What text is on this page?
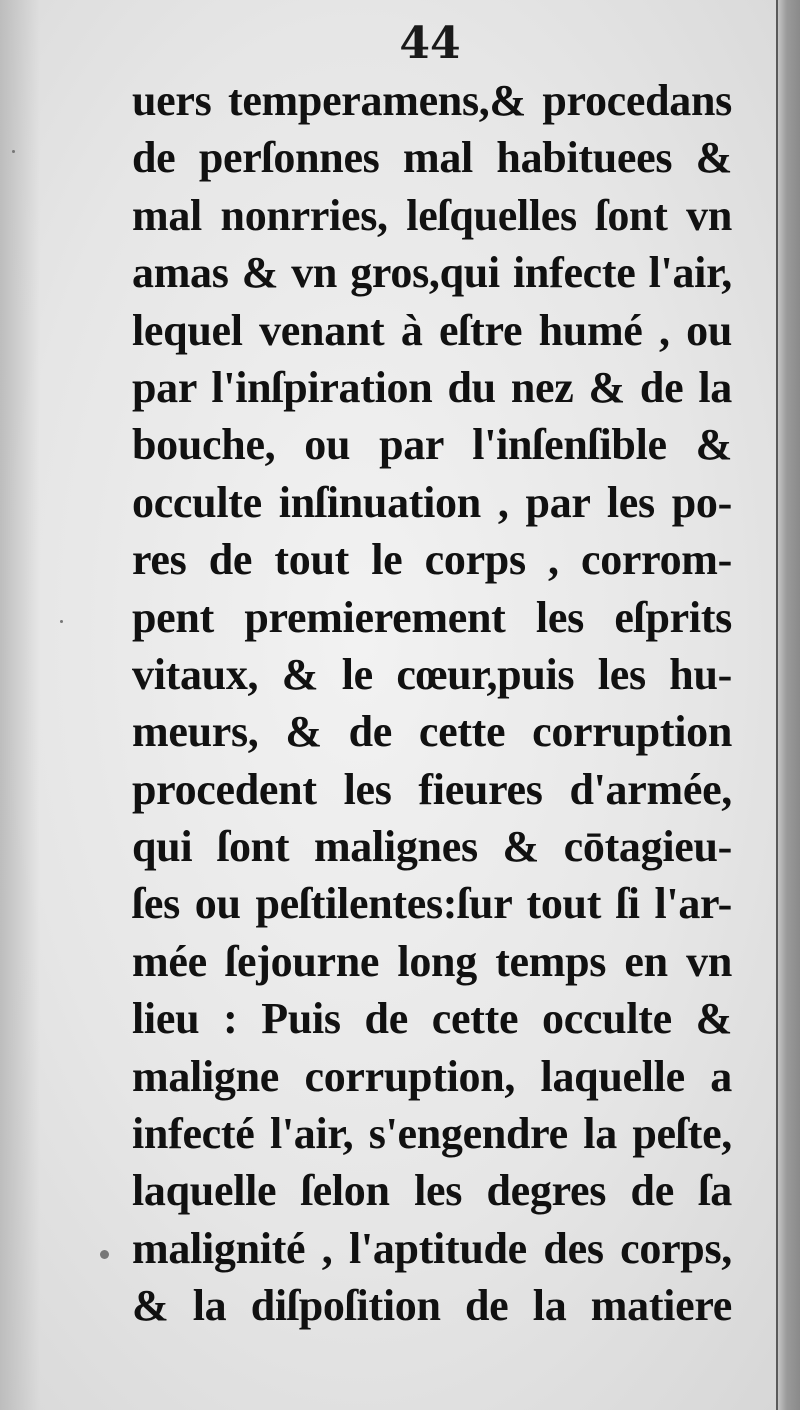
44
uers temperamens,& procedans
de perſonnes mal habituees &
mal nonrries, leſquelles ſont vn
amas & vn gros,qui infecte l'air,
lequel venant à eſtre humé , ou
par l'inſpiration du nez & de la
bouche, ou par l'inſenſible &
occulte inſinuation , par les po-
res de tout le corps , corrom-
pent premierement les eſprits
vitaux, & le cœur,puis les hu-
meurs, & de cette corruption
procedent les fieures d'armée,
qui ſont malignes & cōtagieu-
ſes ou peſtilentes:ſur tout ſi l'ar-
mée ſejourne long temps en vn
lieu : Puis de cette occulte &
maligne corruption, laquelle a
infecté l'air, s'engendre la peſte,
laquelle ſelon les degres de ſa
malignité , l'aptitude des corps,
& la diſpoſition de la matiere
